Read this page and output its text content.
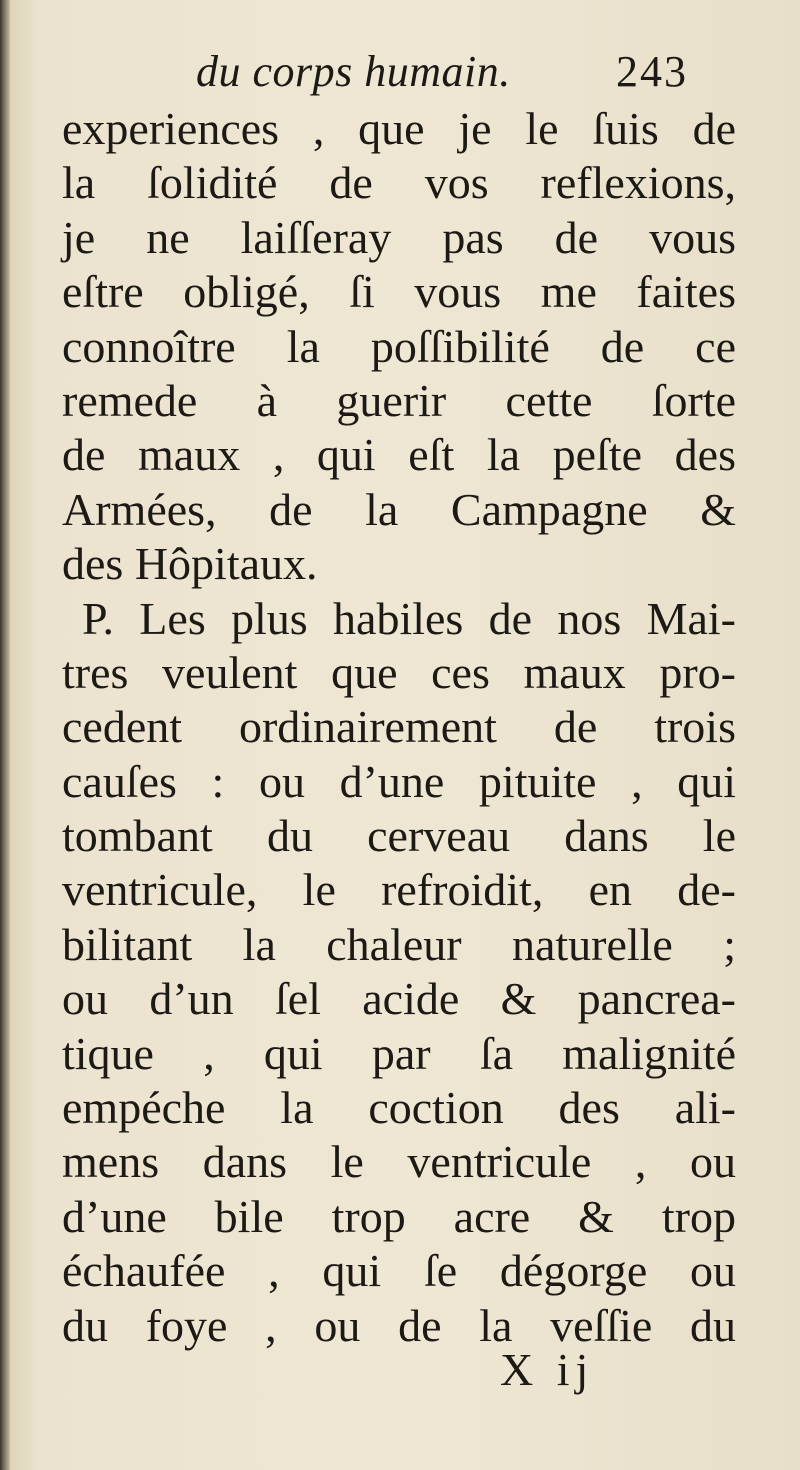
du corps humain. 243
experiences , que je le ſuis de
la ſolidité de vos reflexions,
je ne laiſſeray pas de vous
eſtre obligé, ſi vous me faites
connoître la poſſibilité de ce
remede à guerir cette ſorte
de maux , qui eſt la peſte des
Armées, de la Campagne &
des Hôpitaux.
P. Les plus habiles de nos Mai-
tres veulent que ces maux pro-
cedent ordinairement de trois
cauſes : ou d’une pituite , qui
tombant du cerveau dans le
ventricule, le refroidit, en de-
bilitant la chaleur naturelle ;
ou d’un ſel acide & pancrea-
tique , qui par ſa malignité
empéche la coction des ali-
mens dans le ventricule , ou
d’une bile trop acre & trop
échaufée , qui ſe dégorge ou
du foye , ou de la veſſie du
X ij
